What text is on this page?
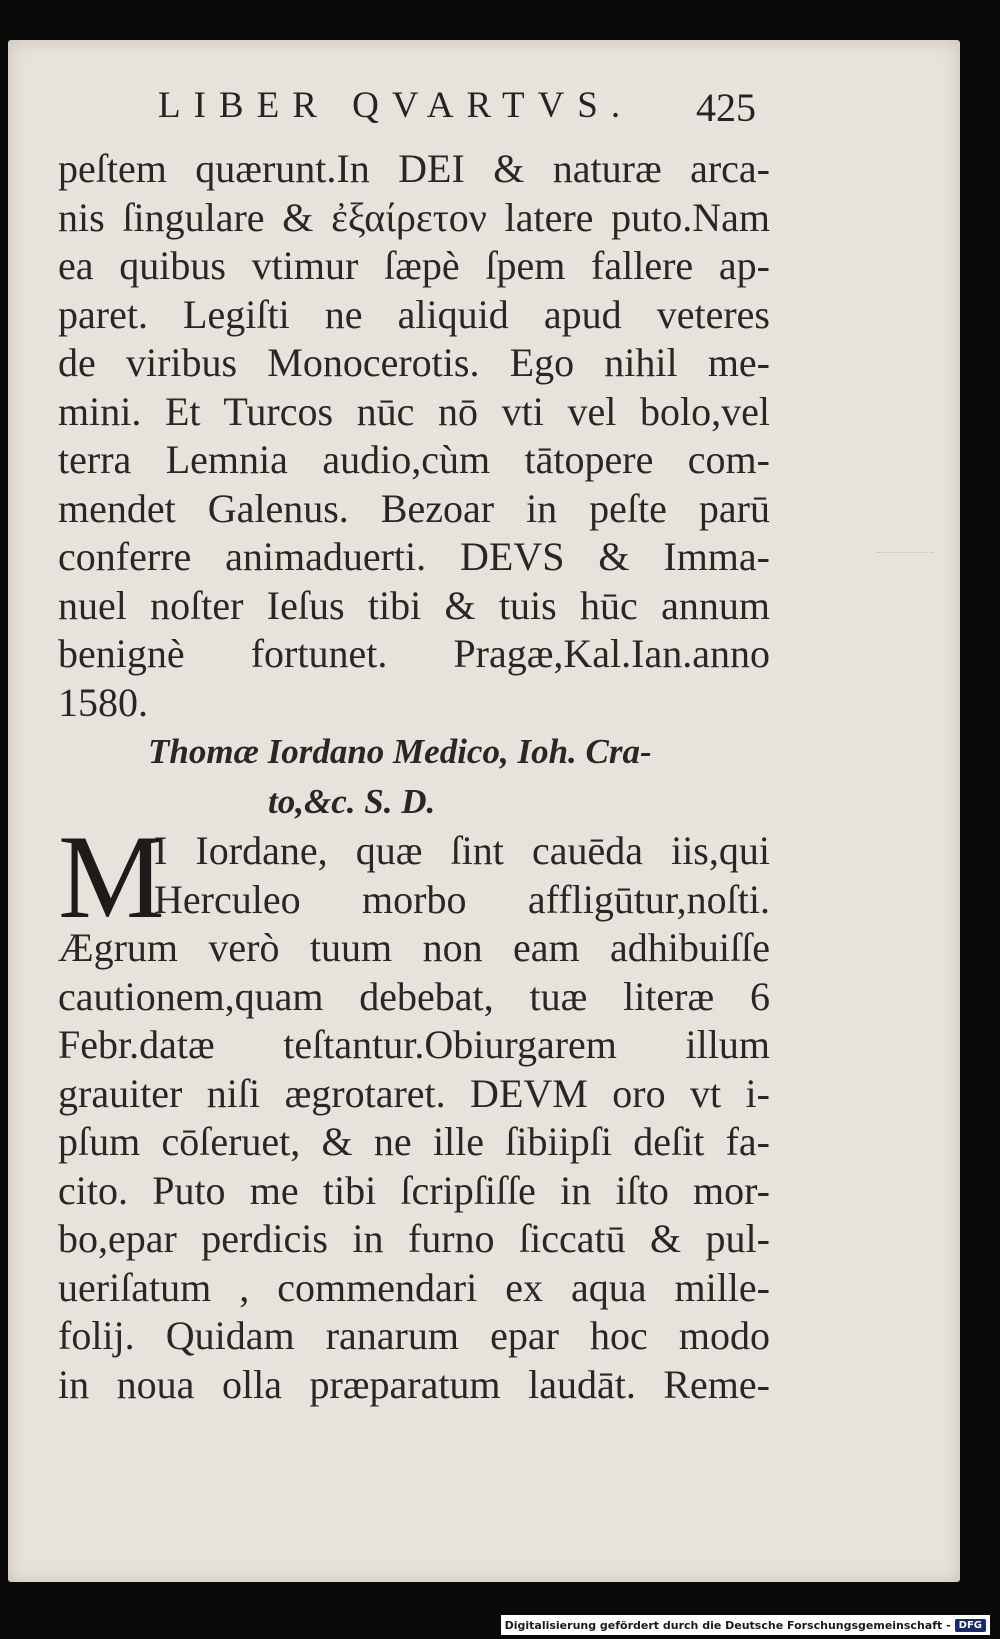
LIBER QVARTVS. 425
peſtem quærunt.In DEI & naturæ arca-
nis ſingulare & ἐξαίρετον latere puto.Nam
ea quibus vtimur ſæpè ſpem fallere ap-
paret. Legiſti ne aliquid apud veteres
de viribus Monocerotis. Ego nihil me-
mini. Et Turcos nūc nō vti vel bolo,vel
terra Lemnia audio,cùm tātopere com-
mendet Galenus. Bezoar in peſte parū
conferre animaduerti. DEVS & Imma-
nuel noſter Ieſus tibi & tuis hūc annum
benignè fortunet. Pragæ,Kal.Ian.anno
1580.
Thomæ Iordano Medico, Ioh. Cra-
to,&c. S. D.
M
I Iordane, quæ ſint cauēda iis,qui
Herculeo morbo affligūtur,noſti.
Ægrum verò tuum non eam adhibuiſſe
cautionem,quam debebat, tuæ literæ 6
Febr.datæ teſtantur.Obiurgarem illum
grauiter niſi ægrotaret. DEVM oro vt i-
pſum cōſeruet, & ne ille ſibiipſi deſit fa-
cito. Puto me tibi ſcripſiſſe in iſto mor-
bo,epar perdicis in furno ſiccatū & pul-
ueriſatum , commendari ex aqua mille-
folij. Quidam ranarum epar hoc modo
in noua olla præparatum laudāt. Reme-
Digitalisierung gefördert durch die Deutsche Forschungsgemeinschaft - DFG
